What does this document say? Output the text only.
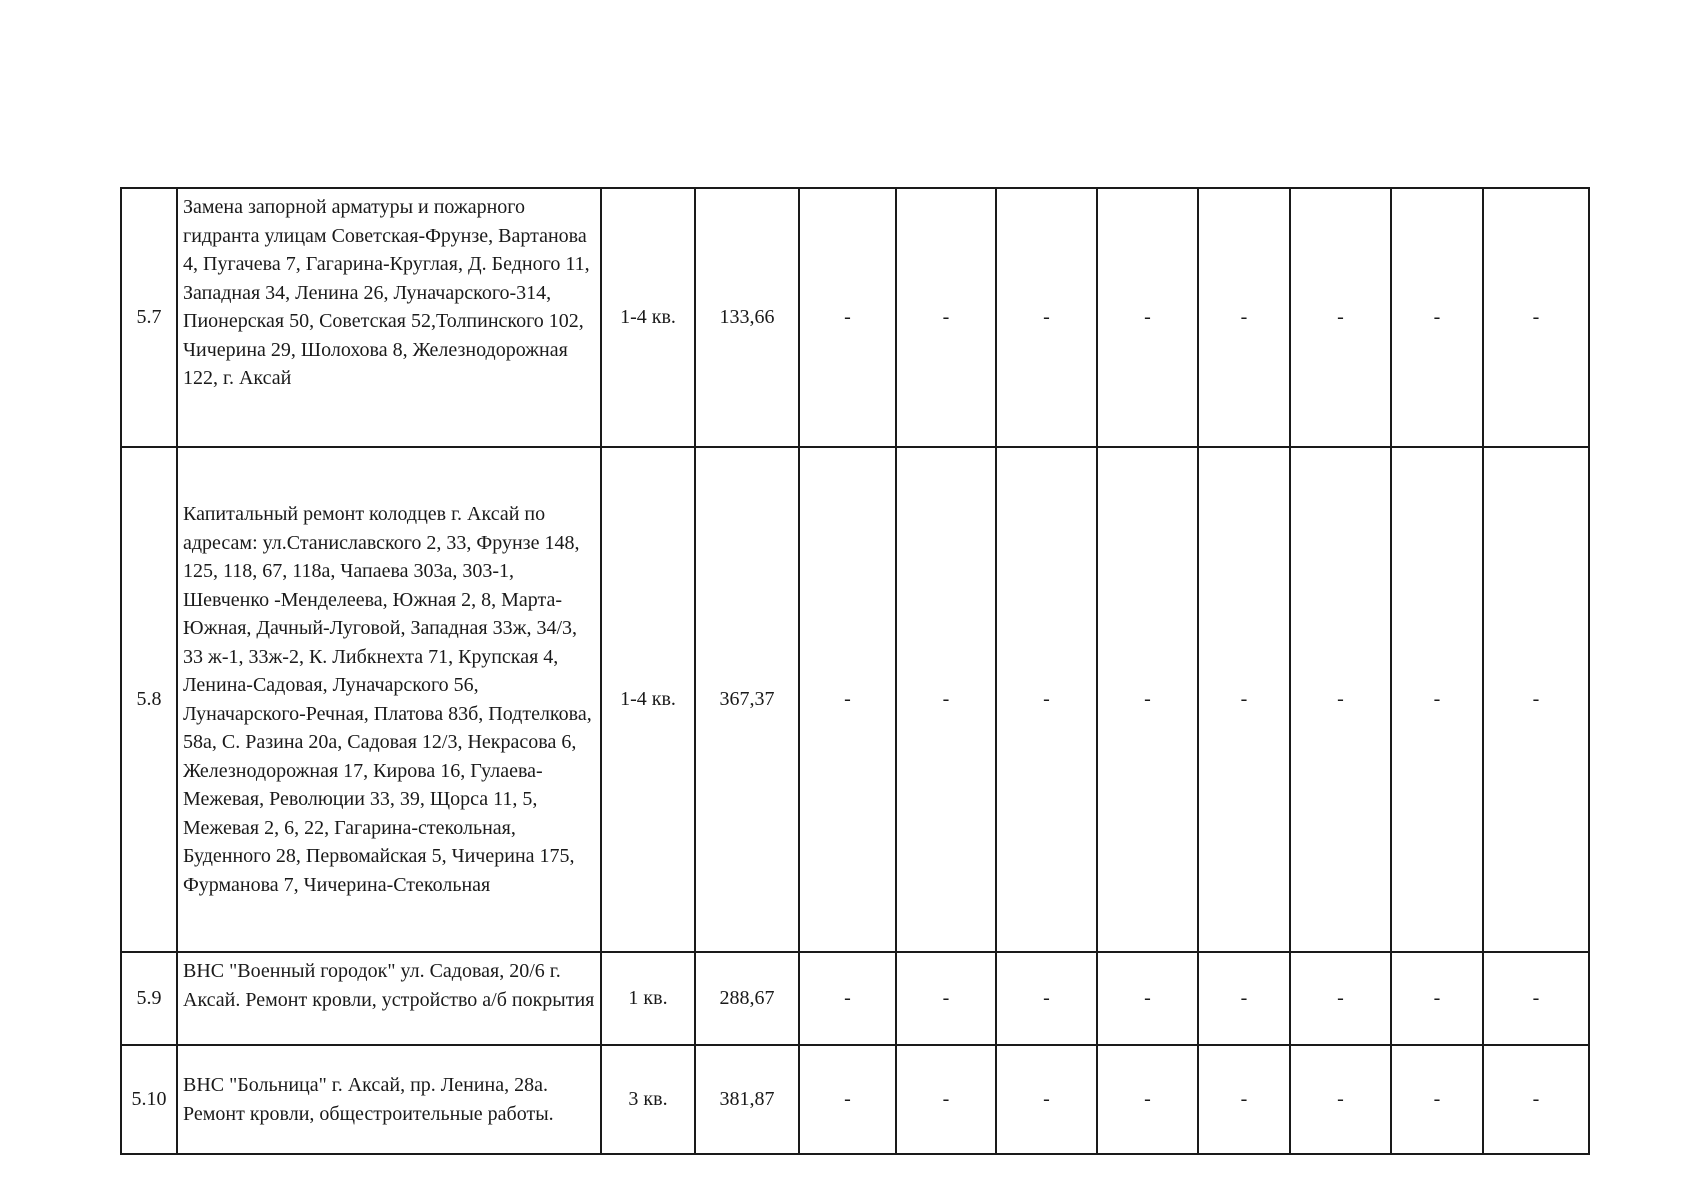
5.7	Замена запорной арматуры и пожарного гидранта улицам Советская-Фрунзе, Вартанова 4, Пугачева 7, Гагарина-Круглая, Д. Бедного 11, Западная 34, Ленина 26, Луначарского-314, Пионерская 50, Советская 52,Толпинского 102, Чичерина 29, Шолохова 8, Железнодорожная 122, г. Аксай	1-4 кв.	133,66	-	-	-	-	-	-	-	-
5.8	Капитальный ремонт колодцев г. Аксай по адресам: ул.Станиславского 2, 33, Фрунзе 148, 125, 118, 67, 118а, Чапаева 303а, 303-1, Шевченко -Менделеева, Южная 2, 8, Марта-Южная, Дачный-Луговой, Западная 33ж, 34/3, 33 ж-1, 33ж-2, К. Либкнехта 71, Крупская 4, Ленина-Садовая, Луначарского 56, Луначарского-Речная, Платова 83б, Подтелкова, 58а, С. Разина 20а, Садовая 12/3, Некрасова 6, Железнодорожная 17, Кирова 16, Гулаева-Межевая, Революции 33, 39, Щорса 11, 5, Межевая 2, 6, 22, Гагарина-стекольная, Буденного 28, Первомайская 5, Чичерина 175, Фурманова 7, Чичерина-Стекольная	1-4 кв.	367,37	-	-	-	-	-	-	-	-
5.9	ВНС "Военный городок" ул. Садовая, 20/6 г. Аксай. Ремонт кровли, устройство а/б покрытия	1 кв.	288,67	-	-	-	-	-	-	-	-
5.10	ВНС "Больница" г. Аксай, пр. Ленина, 28а. Ремонт кровли, общестроительные работы.	3 кв.	381,87	-	-	-	-	-	-	-	-
